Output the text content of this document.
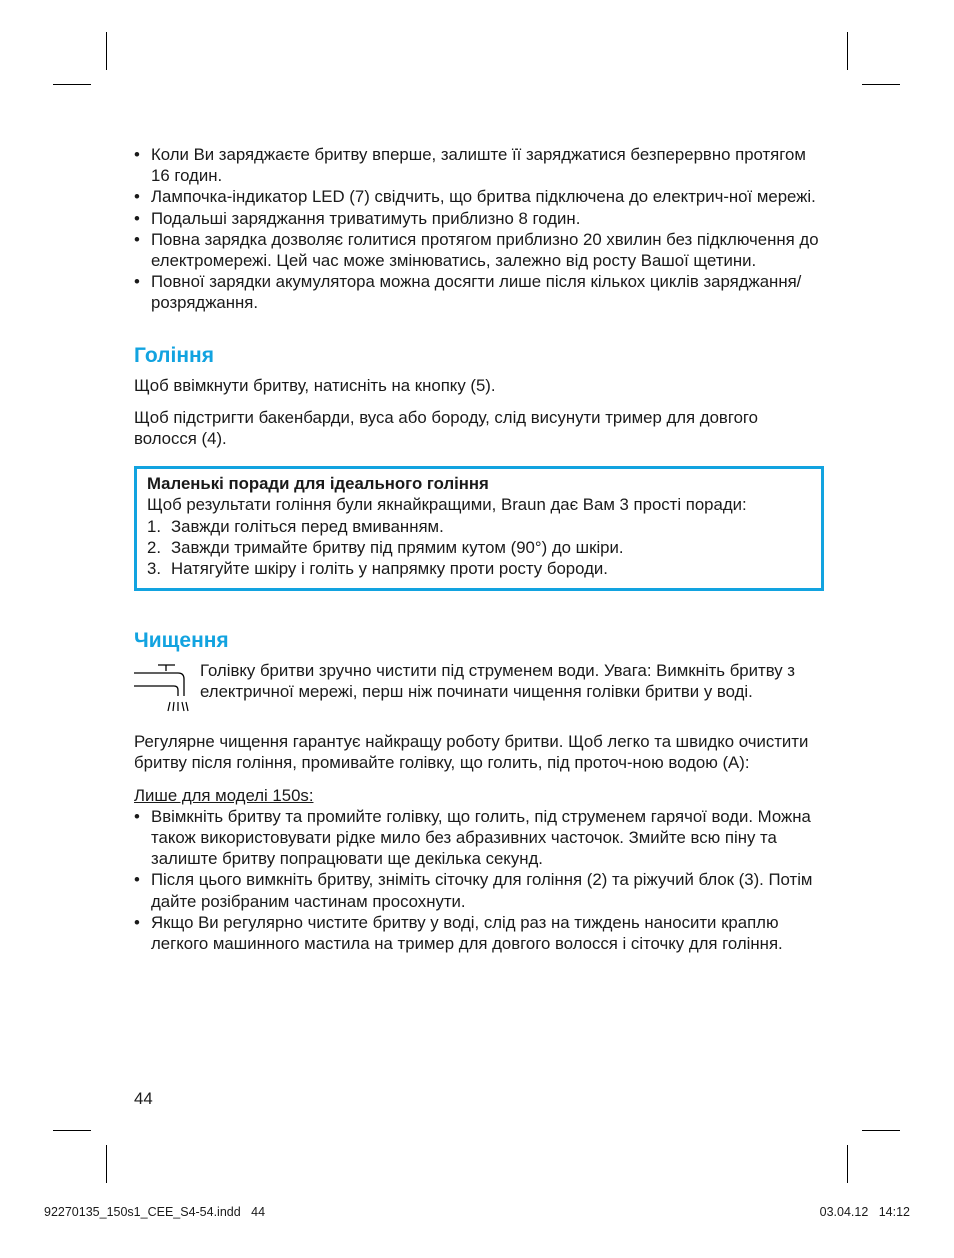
• Коли Ви заряджаєте бритву вперше, залиште її заряджатися безперервно протягом 16 годин.
• Лампочка-індикатор LED (7) свідчить, що бритва підключена до електрич-ної мережі.
• Подальші заряджання триватимуть приблизно 8 годин.
• Повна зарядка дозволяє голитися протягом приблизно 20 хвилин без підключення до електромережі. Цей час може змінюватись, залежно від росту Вашої щетини.
• Повної зарядки акумулятора можна досягти лише після кількох циклів заряджання/розряджання.
Гоління

Щоб ввімкнути бритву, натисніть на кнопку (5).

Щоб підстригти бакенбарди, вуса або бороду, слід висунути тример для довгого волосся (4).

Маленькі поради для ідеального гоління
Щоб результати гоління були якнайкращими, Braun дає Вам 3 прості поради:
1. Завжди голіться перед вмиванням.
2. Завжди тримайте бритву під прямим кутом (90°) до шкіри.
3. Натягуйте шкіру і голіть у напрямку проти росту бороди.
Чищення
Голівку бритви зручно чистити під струменем води. Увага: Вимкніть бритву з електричної мережі, перш ніж починати чищення голівки бритви у воді.

Регулярне чищення гарантує найкращу роботу бритви. Щоб легко та швидко очистити бритву після гоління, промивайте голівку, що голить, під проточ-ною водою (A):

Лише для моделі 150s:

• Ввімкніть бритву та промийте голівку, що голить, під струменем гарячої води. Можна також використовувати рідке мило без абразивних часточок. Змийте всю піну та залиште бритву попрацювати ще декілька секунд.
• Після цього вимкніть бритву, зніміть сіточку для гоління (2) та ріжучий блок (3). Потім дайте розібраним частинам просохнути.
• Якщо Ви регулярно чистите бритву у воді, слід раз на тиждень наносити краплю легкого машинного мастила на тример для довгого волосся і сіточку для гоління.
44
92270135_150s1_CEE_S4-54.indd   44	03.04.12   14:12
